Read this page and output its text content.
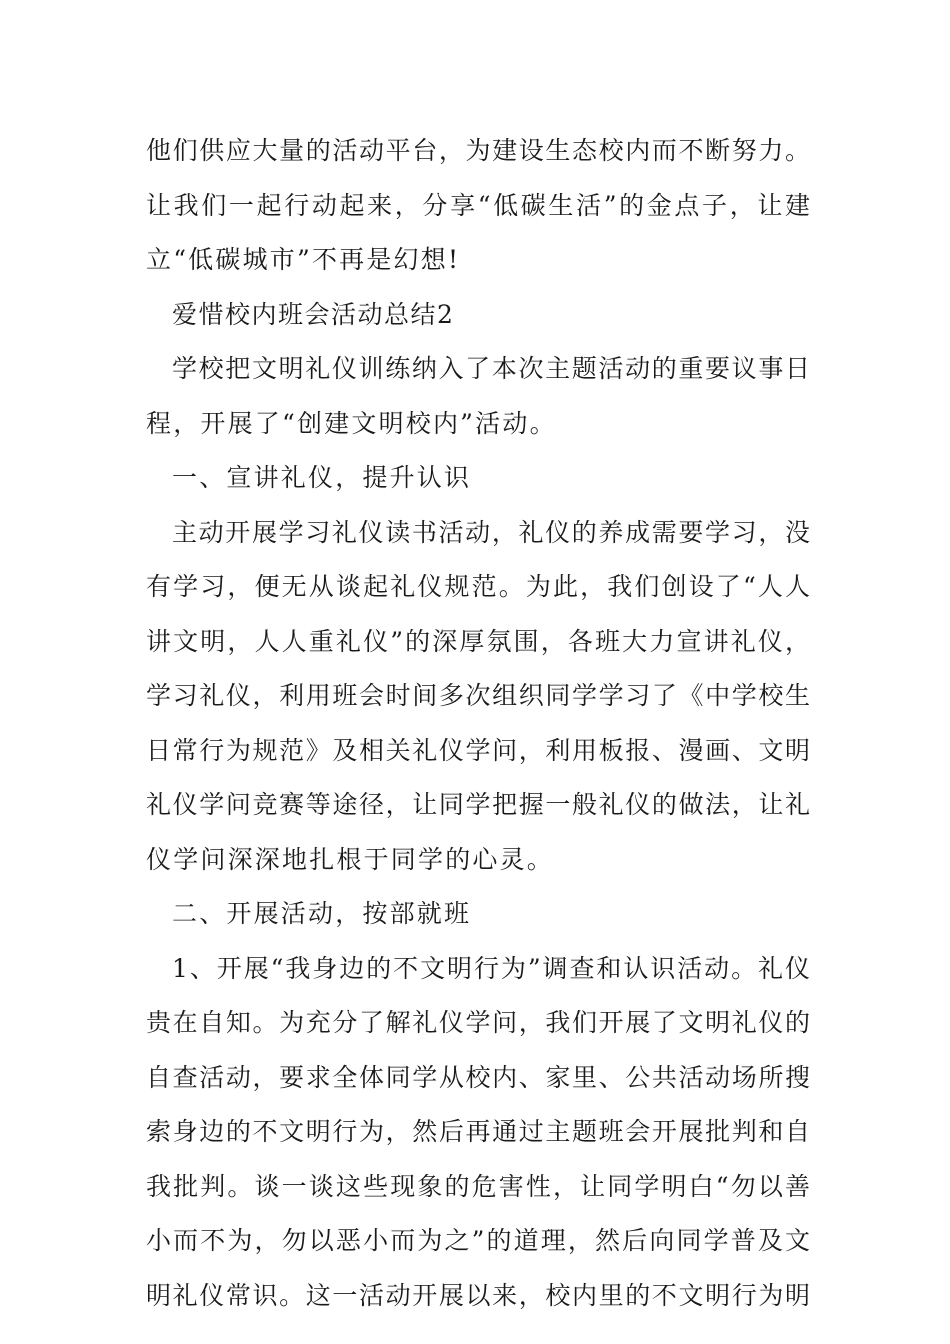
他们供应大量的活动平台，为建设生态校内而不断努力。
让我们一起行动起来，分享“低碳生活”的金点子，让建
立“低碳城市”不再是幻想!
爱惜校内班会活动总结2
学校把文明礼仪训练纳入了本次主题活动的重要议事日
程，开展了“创建文明校内”活动。
一、宣讲礼仪，提升认识
主动开展学习礼仪读书活动，礼仪的养成需要学习，没
有学习，便无从谈起礼仪规范。为此，我们创设了“人人
讲文明，人人重礼仪”的深厚氛围，各班大力宣讲礼仪，
学习礼仪，利用班会时间多次组织同学学习了《中学校生
日常行为规范》及相关礼仪学问，利用板报、漫画、文明
礼仪学问竞赛等途径，让同学把握一般礼仪的做法，让礼
仪学问深深地扎根于同学的心灵。
二、开展活动，按部就班
1、开展“我身边的不文明行为”调查和认识活动。礼仪
贵在自知。为充分了解礼仪学问，我们开展了文明礼仪的
自查活动，要求全体同学从校内、家里、公共活动场所搜
索身边的不文明行为，然后再通过主题班会开展批判和自
我批判。谈一谈这些现象的危害性，让同学明白“勿以善
小而不为，勿以恶小而为之”的道理，然后向同学普及文
明礼仪常识。这一活动开展以来，校内里的不文明行为明
